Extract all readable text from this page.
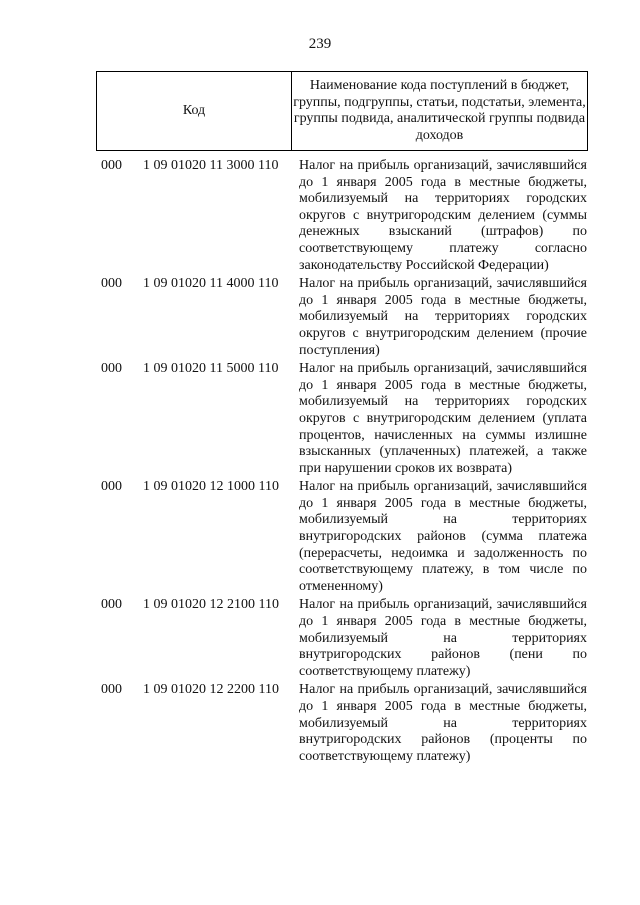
239
Код	Наименование кода поступлений в бюджет, группы, подгруппы, статьи, подстатьи, элемента, группы подвида, аналитической группы подвида доходов
000	1 09 01020 11 3000 110	Налог на прибыль организаций, зачислявшийся до 1 января 2005 года в местные бюджеты, мобилизуемый на территориях городских округов с внутригородским делением (суммы денежных взысканий (штрафов) по соответствующему платежу согласно законодательству Российской Федерации)
000	1 09 01020 11 4000 110	Налог на прибыль организаций, зачислявшийся до 1 января 2005 года в местные бюджеты, мобилизуемый на территориях городских округов с внутригородским делением (прочие поступления)
000	1 09 01020 11 5000 110	Налог на прибыль организаций, зачислявшийся до 1 января 2005 года в местные бюджеты, мобилизуемый на территориях городских округов с внутригородским делением (уплата процентов, начисленных на суммы излишне взысканных (уплаченных) платежей, а также при нарушении сроков их возврата)
000	1 09 01020 12 1000 110	Налог на прибыль организаций, зачислявшийся до 1 января 2005 года в местные бюджеты, мобилизуемый на территориях внутригородских районов (сумма платежа (перерасчеты, недоимка и задолженность по соответствующему платежу, в том числе по отмененному)
000	1 09 01020 12 2100 110	Налог на прибыль организаций, зачислявшийся до 1 января 2005 года в местные бюджеты, мобилизуемый на территориях внутригородских районов (пени по соответствующему платежу)
000	1 09 01020 12 2200 110	Налог на прибыль организаций, зачислявшийся до 1 января 2005 года в местные бюджеты, мобилизуемый на территориях внутригородских районов (проценты по соответствующему платежу)
